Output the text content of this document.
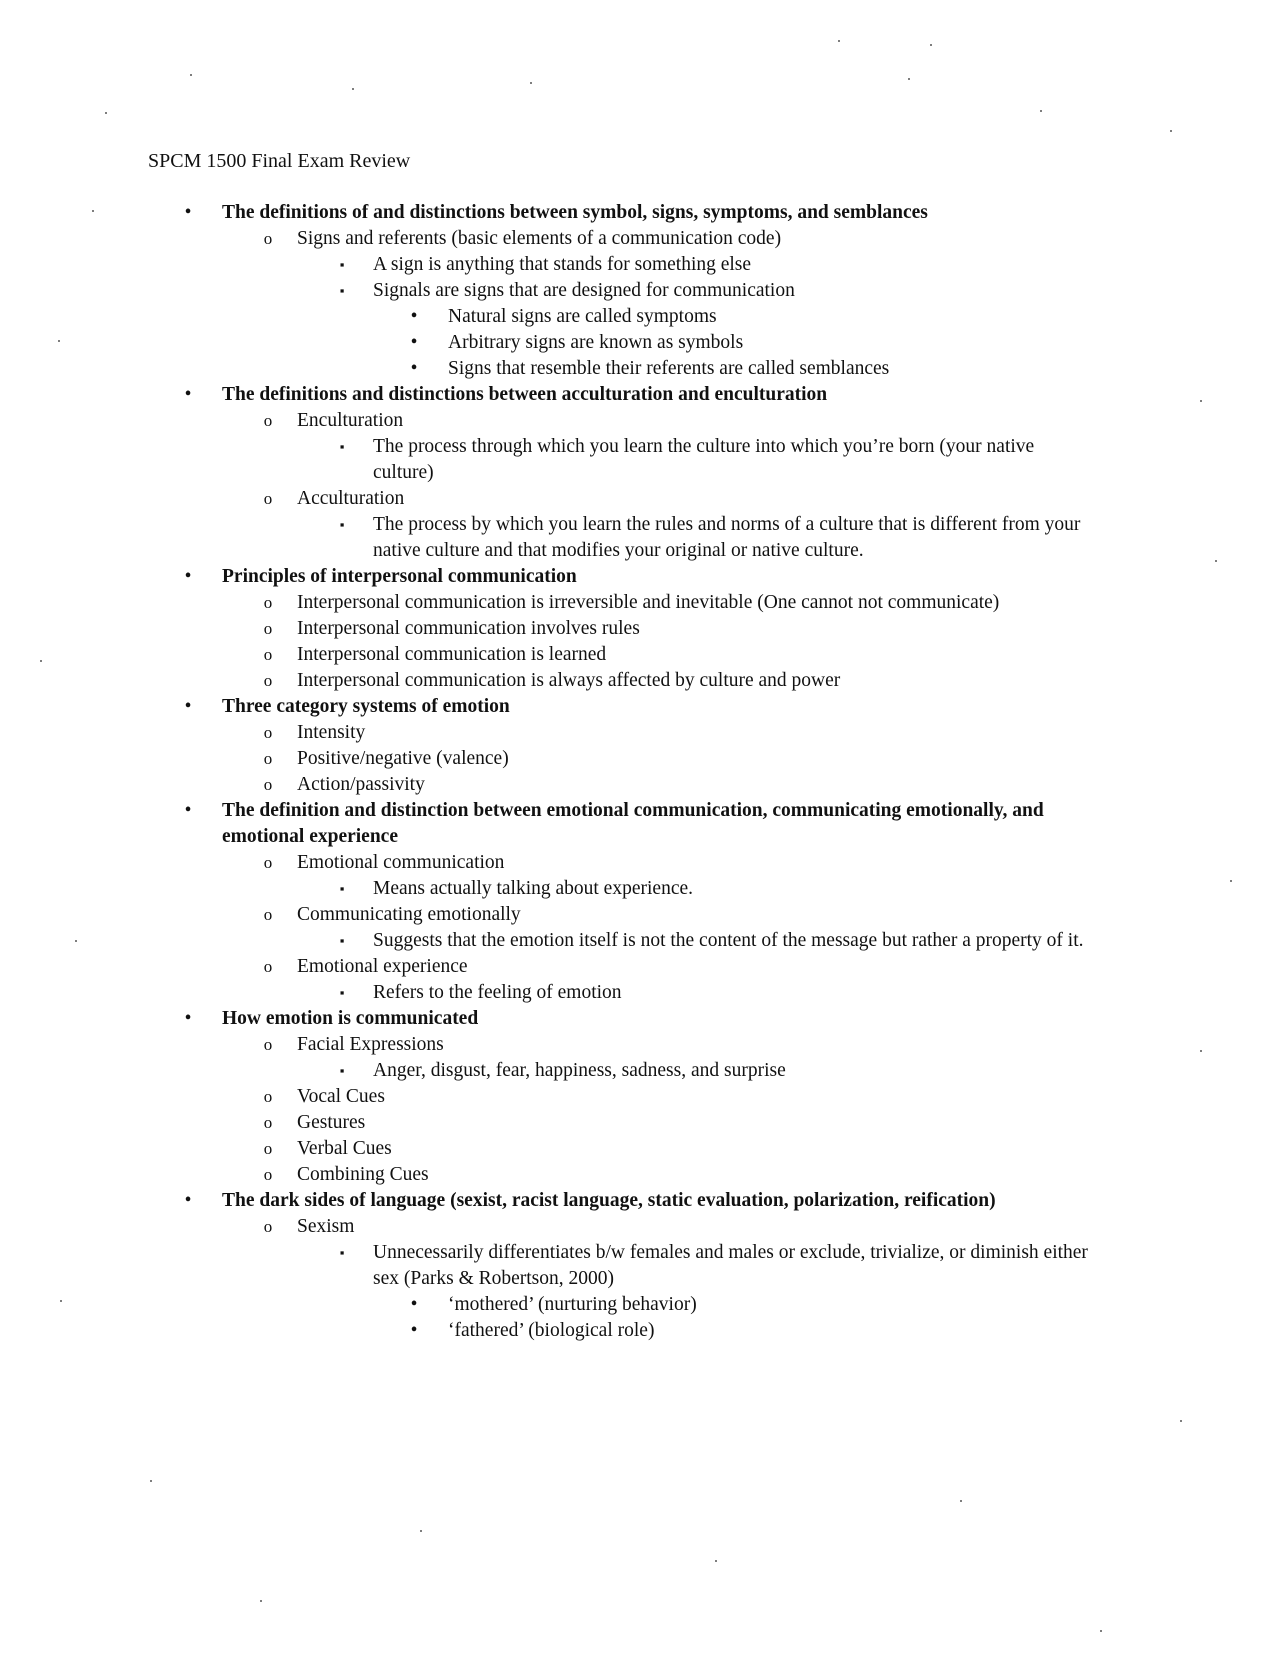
SPCM 1500 Final Exam Review
•	The definitions of and distinctions between symbol, signs, symptoms, and semblances
o Signs and referents (basic elements of a communication code)
▪	A sign is anything that stands for something else
▪	Signals are signs that are designed for communication
•	Natural signs are called symptoms
•	Arbitrary signs are known as symbols
•	Signs that resemble their referents are called semblances
•	The definitions and distinctions between acculturation and enculturation
o Enculturation
▪	The process through which you learn the culture into which you’re born (your native culture)
o Acculturation
▪	The process by which you learn the rules and norms of a culture that is different from your native culture and that modifies your original or native culture.
•	Principles of interpersonal communication
o Interpersonal communication is irreversible and inevitable (One cannot not communicate)
o Interpersonal communication involves rules
o Interpersonal communication is learned
o Interpersonal communication is always affected by culture and power
•	Three category systems of emotion
o Intensity
o Positive/negative (valence)
o Action/passivity
•	The definition and distinction between emotional communication, communicating emotionally, and emotional experience
o Emotional communication
▪	Means actually talking about experience.
o Communicating emotionally
▪	Suggests that the emotion itself is not the content of the message but rather a property of it.
o Emotional experience
▪	Refers to the feeling of emotion
•	How emotion is communicated
o Facial Expressions
▪	Anger, disgust, fear, happiness, sadness, and surprise
o Vocal Cues
o Gestures
o Verbal Cues
o Combining Cues
•	The dark sides of language (sexist, racist language, static evaluation, polarization, reification)
o Sexism
▪	Unnecessarily differentiates b/w females and males or exclude, trivialize, or diminish either sex (Parks & Robertson, 2000)
•	‘mothered’ (nurturing behavior)
•	‘fathered’ (biological role)
